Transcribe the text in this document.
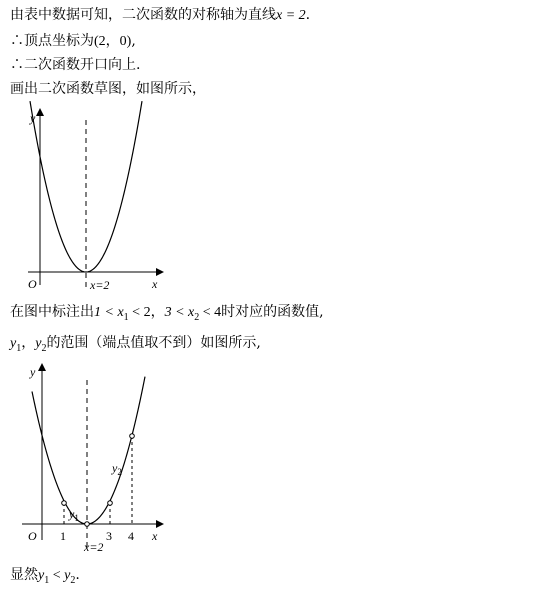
由表中数据可知，二次函数的对称轴为直线x = 2.
∴顶点坐标为(2，0),
∴二次函数开口向上.
画出二次函数草图，如图所示，
y
x
O	x=2
在图中标注出$1 < x_1 < 2$，$3 < x_2 < 4$时对应的函数值,
$y_1$，$y_2$的范围（端点值取不到）如图所示,
y
x
O 1	3 4
x=2
$y_1$
$y_2$
显然$y_1 < y_2$.
